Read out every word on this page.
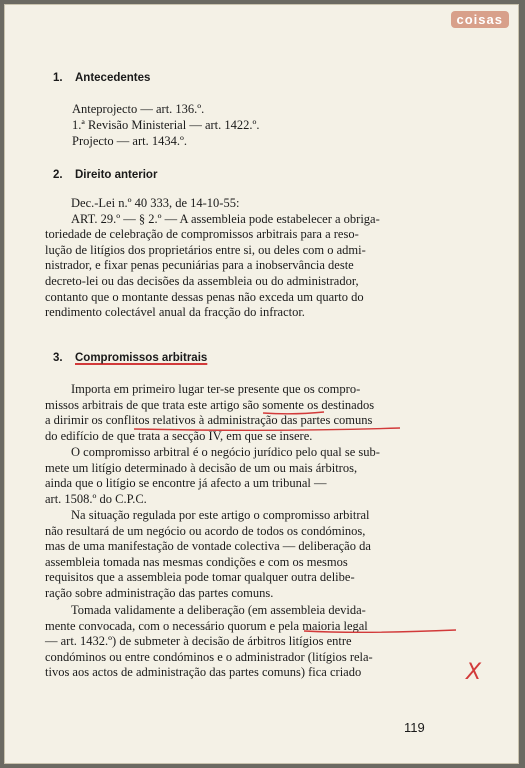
coisas
1. Antecedentes
Anteprojecto — art. 136.º.
1.ª Revisão Ministerial — art. 1422.º.
Projecto — art. 1434.º.
2. Direito anterior
Dec.-Lei n.º 40 333, de 14-10-55:
ART. 29.º — § 2.º — A assembleia pode estabelecer a obriga-
toriedade de celebração de compromissos arbitrais para a reso-
lução de litígios dos proprietários entre si, ou deles com o admi-
nistrador, e fixar penas pecuniárias para a inobservância deste
decreto-lei ou das decisões da assembleia ou do administrador,
contanto que o montante dessas penas não exceda um quarto do
rendimento colectável anual da fracção do infractor.
3. Compromissos arbitrais
Importa em primeiro lugar ter-se presente que os compro-
missos arbitrais de que trata este artigo são somente os destinados
a dirimir os conflitos relativos à administração das partes comuns
do edifício de que trata a secção IV, em que se insere.
O compromisso arbitral é o negócio jurídico pelo qual se sub-
mete um litígio determinado à decisão de um ou mais árbitros,
ainda que o litígio se encontre já afecto a um tribunal —
art. 1508.º do C.P.C.
Na situação regulada por este artigo o compromisso arbitral
não resultará de um negócio ou acordo de todos os condóminos,
mas de uma manifestação de vontade colectiva — deliberação da
assembleia tomada nas mesmas condições e com os mesmos
requisitos que a assembleia pode tomar qualquer outra delibe-
ração sobre administração das partes comuns.
Tomada validamente a deliberação (em assembleia devida-
mente convocada, com o necessário quorum e pela maioria legal
— art. 1432.º) de submeter à decisão de árbitros litígios entre
condóminos ou entre condóminos e o administrador (litígios rela-
tivos aos actos de administração das partes comuns) fica criado	X
119
